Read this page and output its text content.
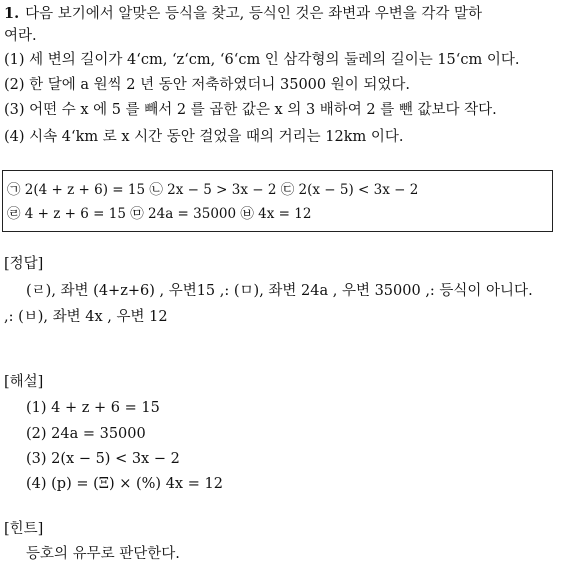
1. 다음 보기에서 알맞은 등식을 찾고, 등식인 것은 좌변과 우변을 각각 말하
여라.
(1) 세 변의 길이가 4‘cm, ‘z‘cm, ‘6‘cm 인 삼각형의 둘레의 길이는 15‘cm 이다.
(2) 한 달에 a 원씩 2 년 동안 저축하였더니 35000 원이 되었다.
(3) 어떤 수 x 에 5 를 빼서 2 를 곱한 값은 x 의 3 배하여 2 를 뺀 값보다 작다.
(4) 시속 4‘km 로 x 시간 동안 걸었을 때의 거리는 12km 이다.
㉠ 2(4 + z + 6) = 15 ㉡ 2x − 5 > 3x − 2 ㉢ 2(x − 5) < 3x − 2
㉣ 4 + z + 6 = 15 ㉤ 24a = 35000 ㉥ 4x = 12
[정답]
(ㄹ), 좌변 (4+z+6) , 우변15 ,: (ㅁ), 좌변 24a , 우변 35000 ,: 등식이 아니다.
,: (ㅂ), 좌변 4x , 우변 12
[해설]
(1) 4 + z + 6 = 15
(2) 24a = 35000
(3) 2(x − 5) < 3x − 2
(4) (p) = (Ξ) × (%) 4x = 12
[힌트]
등호의 유무로 판단한다.
